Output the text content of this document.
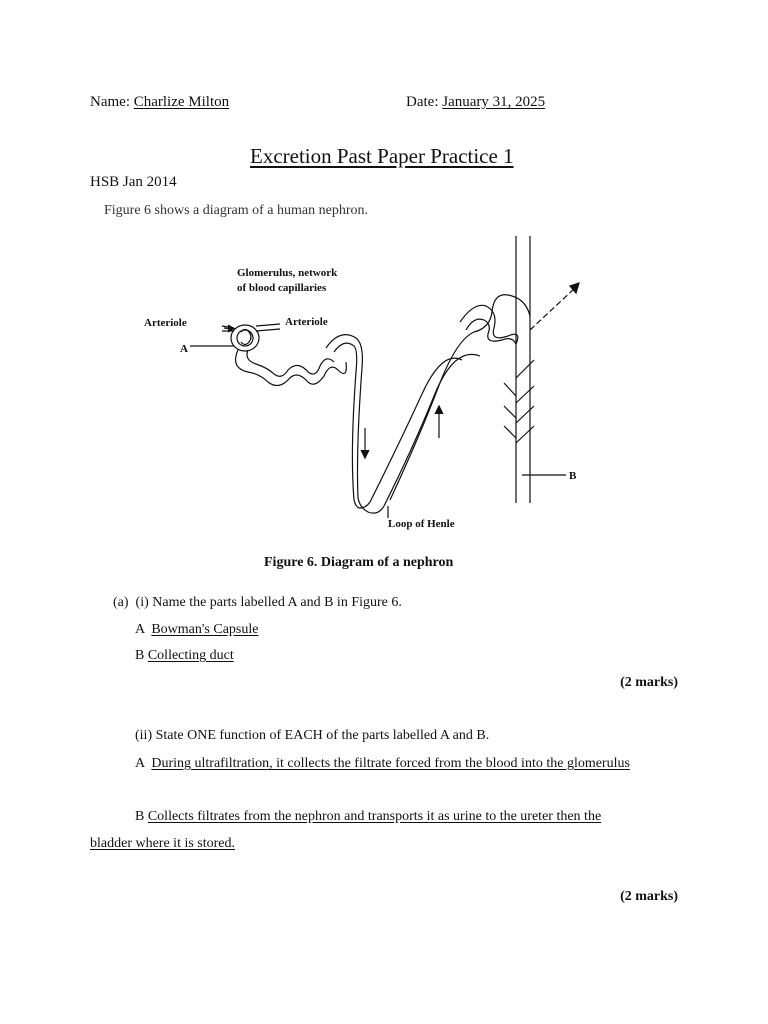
Name: Charlize Milton	Date: January 31, 2025
Excretion Past Paper Practice 1
HSB Jan 2014
Figure 6 shows a diagram of a human nephron.
Glomerulus, network
of blood capillaries
Arteriole	Arteriole
A
B
Loop of Henle
Figure 6. Diagram of a nephron
(a) (i) Name the parts labelled A and B in Figure 6.
A Bowman's Capsule
B Collecting duct
(2 marks)
(ii) State ONE function of EACH of the parts labelled A and B.
A During ultrafiltration, it collects the filtrate forced from the blood into the glomerulus
B Collects filtrates from the nephron and transports it as urine to the ureter then the
bladder where it is stored.
(2 marks)
